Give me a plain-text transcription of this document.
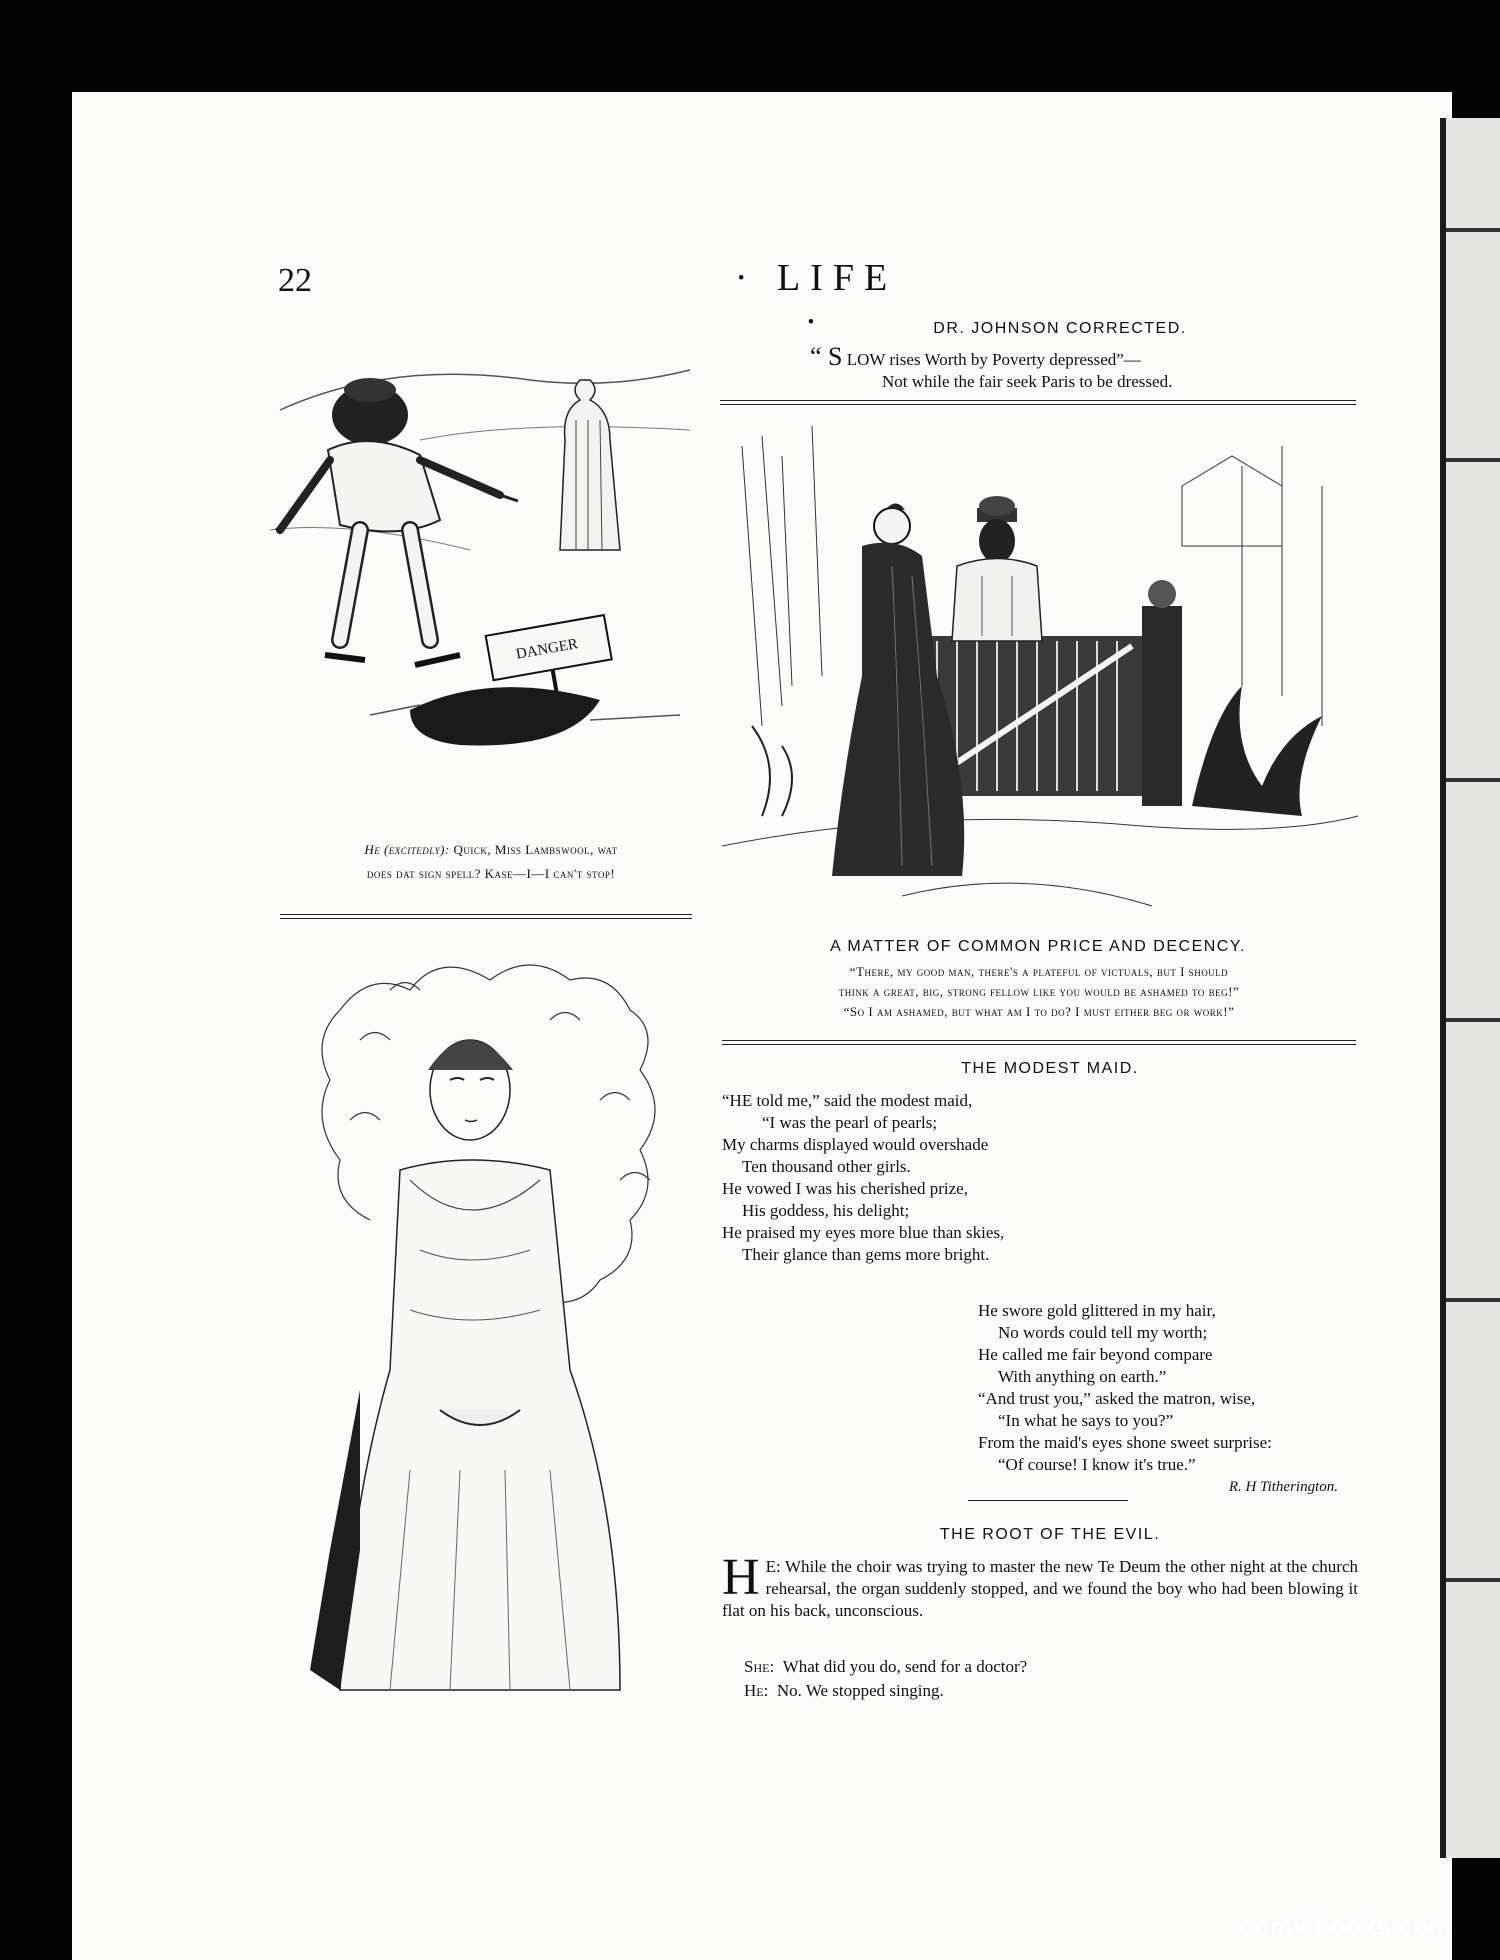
22	· LIFE ·	DR. JOHNSON CORRECTED.

“ S LOW rises Worth by Poverty depressed”—

Not while the fair seek Paris to be dressed.

DANGER
He (excitedly): Quick, Miss Lambswool, wat
does dat sign spell? Kase—I—I can't stop!
A MATTER OF COMMON PRICE AND DECENCY.
“There, my good man, there's a plateful of victuals, but I should
think a great, big, strong fellow like you would be ashamed to beg!”
“So I am ashamed, but what am I to do? I must either beg or work!”
THE MODEST MAID.

“HE told me,” said the modest maid,

“I was the pearl of pearls;

My charms displayed would overshade

Ten thousand other girls.

He vowed I was his cherished prize,

His goddess, his delight;

He praised my eyes more blue than skies,

Their glance than gems more bright.

He swore gold glittered in my hair,

No words could tell my worth;

He called me fair beyond compare

With anything on earth.”

“And trust you,” asked the matron, wise,

“In what he says to you?”

From the maid's eyes shone sweet surprise:

“Of course! I know it's true.”

R. H Titherington.

THE ROOT OF THE EVIL.
H E: While the choir was trying to master the new Te Deum the other night at the church rehearsal, the organ suddenly stopped, and we found the boy who had been blowing it flat on his back, unconscious.
She: What did you do, send for a doctor?
He: No. We stopped singing.
comicbooks.com
